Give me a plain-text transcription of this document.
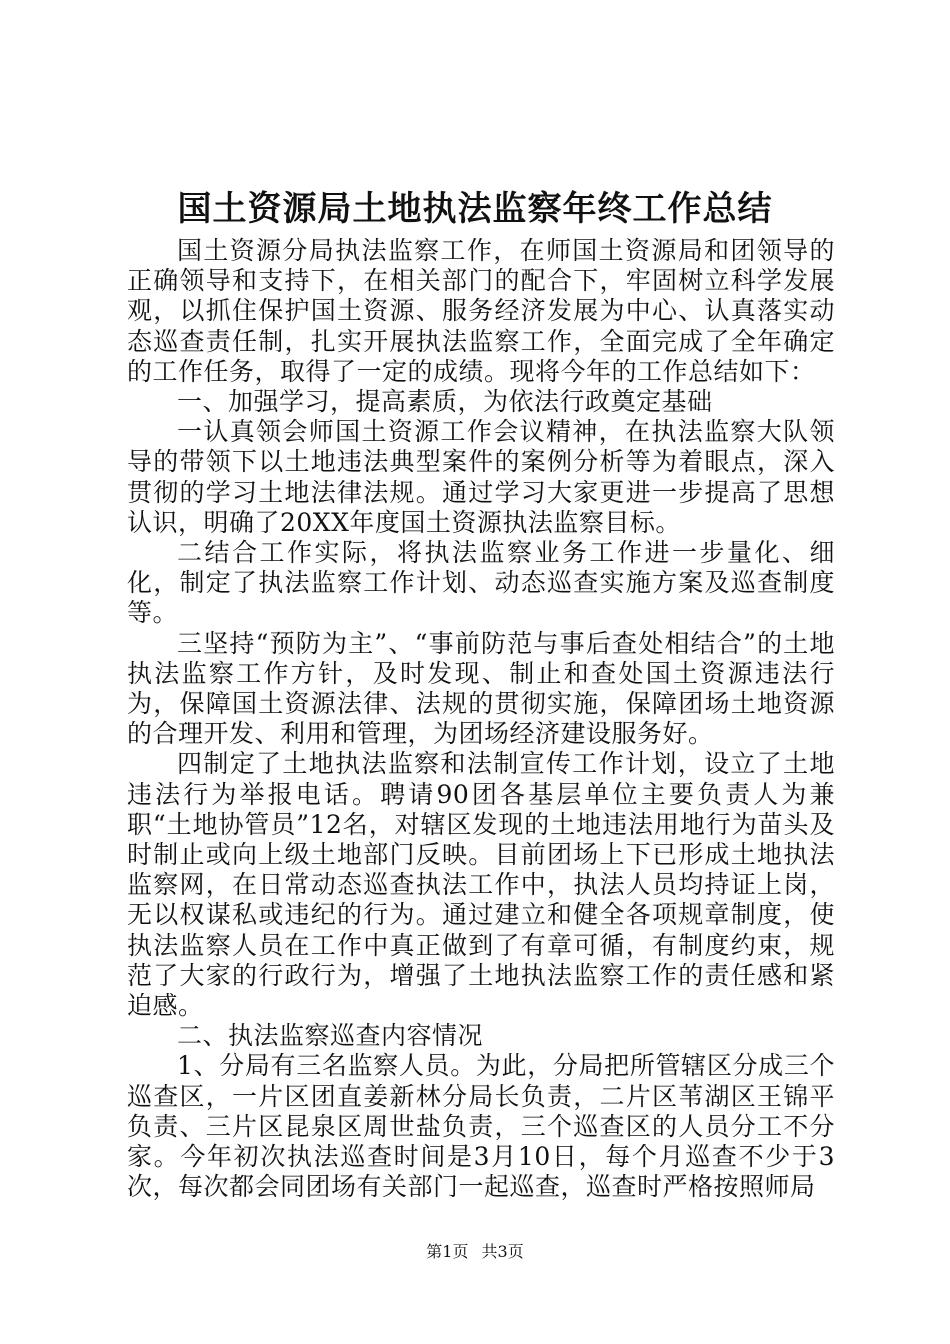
国土资源局土地执法监察年终工作总结

国土资源分局执法监察工作，在师国土资源局和团领导的正确领导和支持下，在相关部门的配合下，牢固树立科学发展观，以抓住保护国土资源、服务经济发展为中心、认真落实动态巡查责任制，扎实开展执法监察工作，全面完成了全年确定的工作任务，取得了一定的成绩。现将今年的工作总结如下：

一、加强学习，提高素质，为依法行政奠定基础

一认真领会师国土资源工作会议精神，在执法监察大队领导的带领下以土地违法典型案件的案例分析等为着眼点，深入贯彻的学习土地法律法规。通过学习大家更进一步提高了思想认识，明确了20XX年度国土资源执法监察目标。

二结合工作实际，将执法监察业务工作进一步量化、细化，制定了执法监察工作计划、动态巡查实施方案及巡查制度等。

三坚持“预防为主”、“事前防范与事后查处相结合”的土地执法监察工作方针，及时发现、制止和查处国土资源违法行为，保障国土资源法律、法规的贯彻实施，保障团场土地资源的合理开发、利用和管理，为团场经济建设服务好。

四制定了土地执法监察和法制宣传工作计划，设立了土地违法行为举报电话。聘请90团各基层单位主要负责人为兼职“土地协管员”12名，对辖区发现的土地违法用地行为苗头及时制止或向上级土地部门反映。目前团场上下已形成土地执法监察网，在日常动态巡查执法工作中，执法人员均持证上岗，无以权谋私或违纪的行为。通过建立和健全各项规章制度，使执法监察人员在工作中真正做到了有章可循，有制度约束，规范了大家的行政行为，增强了土地执法监察工作的责任感和紧迫感。

二、执法监察巡查内容情况

1、分局有三名监察人员。为此，分局把所管辖区分成三个巡查区，一片区团直姜新林分局长负责，二片区苇湖区王锦平负责、三片区昆泉区周世盐负责，三个巡查区的人员分工不分家。今年初次执法巡查时间是3月10日，每个月巡查不少于3次，每次都会同团场有关部门一起巡查，巡查时严格按照师局

第1页 共3页
